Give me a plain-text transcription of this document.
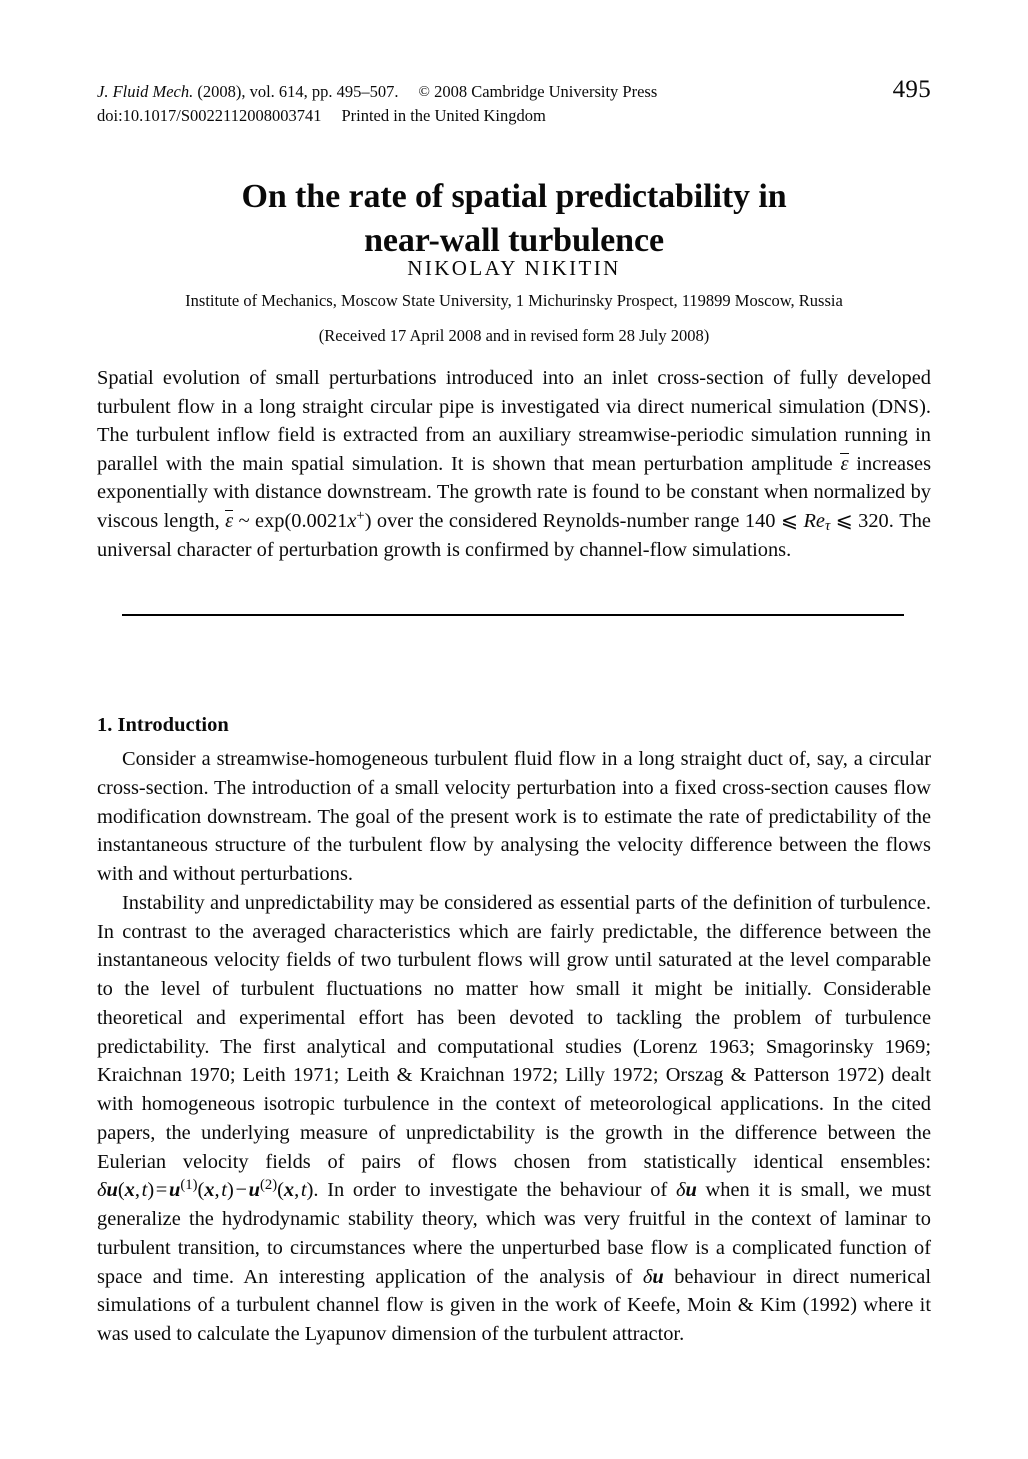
J. Fluid Mech. (2008), vol. 614, pp. 495–507. © 2008 Cambridge University Press
doi:10.1017/S0022112008003741 Printed in the United Kingdom
495
On the rate of spatial predictability in
near-wall turbulence
NIKOLAY NIKITIN
Institute of Mechanics, Moscow State University, 1 Michurinsky Prospect, 119899 Moscow, Russia
(Received 17 April 2008 and in revised form 28 July 2008)
Spatial evolution of small perturbations introduced into an inlet cross-section of fully developed turbulent flow in a long straight circular pipe is investigated via direct numerical simulation (DNS). The turbulent inflow field is extracted from an auxiliary streamwise-periodic simulation running in parallel with the main spatial simulation. It is shown that mean perturbation amplitude ε increases exponentially with distance downstream. The growth rate is found to be constant when normalized by viscous length, ε ~ exp(0.0021x+) over the considered Reynolds-number range 140 ⩽ $Re_\tau$ ⩽ 320. The universal character of perturbation growth is confirmed by channel-flow simulations.
1. Introduction

Consider a streamwise-homogeneous turbulent fluid flow in a long straight duct of, say, a circular cross-section. The introduction of a small velocity perturbation into a fixed cross-section causes flow modification downstream. The goal of the present work is to estimate the rate of predictability of the instantaneous structure of the turbulent flow by analysing the velocity difference between the flows with and without perturbations.

Instability and unpredictability may be considered as essential parts of the definition of turbulence. In contrast to the averaged characteristics which are fairly predictable, the difference between the instantaneous velocity fields of two turbulent flows will grow until saturated at the level comparable to the level of turbulent fluctuations no matter how small it might be initially. Considerable theoretical and experimental effort has been devoted to tackling the problem of turbulence predictability. The first analytical and computational studies (Lorenz 1963; Smagorinsky 1969; Kraichnan 1970; Leith 1971; Leith & Kraichnan 1972; Lilly 1972; Orszag & Patterson 1972) dealt with homogeneous isotropic turbulence in the context of meteorological applications. In the cited papers, the underlying measure of unpredictability is the growth in the difference between the Eulerian velocity fields of pairs of flows chosen from statistically identical ensembles: δu(x, t) = $u^{(1)}(x$, t) − $u^{(2)}(x$, t). In order to investigate the behaviour of δu when it is small, we must generalize the hydrodynamic stability theory, which was very fruitful in the context of laminar to turbulent transition, to circumstances where the unperturbed base flow is a complicated function of space and time. An interesting application of the analysis of δu behaviour in direct numerical simulations of a turbulent channel flow is given in the work of Keefe, Moin & Kim (1992) where it was used to calculate the Lyapunov dimension of the turbulent attractor.
